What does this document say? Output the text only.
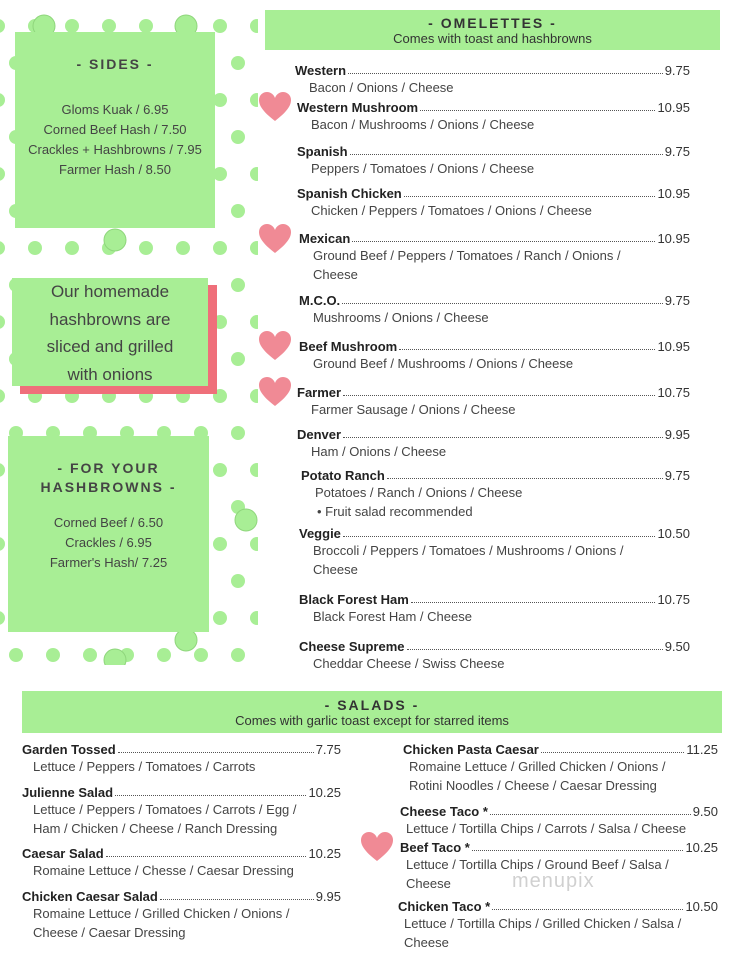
- SIDES -
Gloms Kuak / 6.95
Corned Beef Hash / 7.50
Crackles + Hashbrowns / 7.95
Farmer Hash / 8.50
Our homemade
hashbrowns are
sliced and grilled
with onions
- FOR YOUR
HASHBROWNS -
Corned Beef / 6.50
Crackles / 6.95
Farmer's Hash/ 7.25
- OMELETTES -
Comes with toast and hashbrowns
Western	9.75
Bacon / Onions / Cheese
Western Mushroom	10.95
Bacon / Mushrooms / Onions / Cheese
Spanish	9.75
Peppers / Tomatoes / Onions / Cheese
Spanish Chicken	10.95
Chicken / Peppers / Tomatoes / Onions / Cheese
Mexican	10.95
Ground Beef / Peppers / Tomatoes / Ranch / Onions /
Cheese
M.C.O.	9.75
Mushrooms / Onions / Cheese
Beef Mushroom	10.95
Ground Beef / Mushrooms / Onions / Cheese
Farmer	10.75
Farmer Sausage / Onions / Cheese
Denver	9.95
Ham / Onions / Cheese
Potato Ranch	9.75
Potatoes / Ranch / Onions / Cheese
• Fruit salad recommended
Veggie	10.50
Broccoli / Peppers / Tomatoes / Mushrooms / Onions /
Cheese
Black Forest Ham	10.75
Black Forest Ham / Cheese
Cheese Supreme	9.50
Cheddar Cheese / Swiss Cheese
- SALADS -
Comes with garlic toast except for starred items
Garden Tossed	7.75
Lettuce / Peppers / Tomatoes / Carrots
Julienne Salad	10.25
Lettuce / Peppers / Tomatoes / Carrots / Egg /
Ham / Chicken / Cheese / Ranch Dressing
Caesar Salad	10.25
Romaine Lettuce / Chesse / Caesar Dressing
Chicken Caesar Salad	9.95
Romaine Lettuce / Grilled Chicken / Onions /
Cheese / Caesar Dressing
Chicken Pasta Caesar	11.25
Romaine Lettuce / Grilled Chicken / Onions /
Rotini Noodles / Cheese / Caesar Dressing
Cheese Taco *	9.50
Lettuce / Tortilla Chips / Carrots / Salsa / Cheese
Beef Taco *	10.25
Lettuce / Tortilla Chips / Ground Beef / Salsa /
Cheese
Chicken Taco *	10.50
Lettuce / Tortilla Chips / Grilled Chicken / Salsa /
Cheese
menupix
